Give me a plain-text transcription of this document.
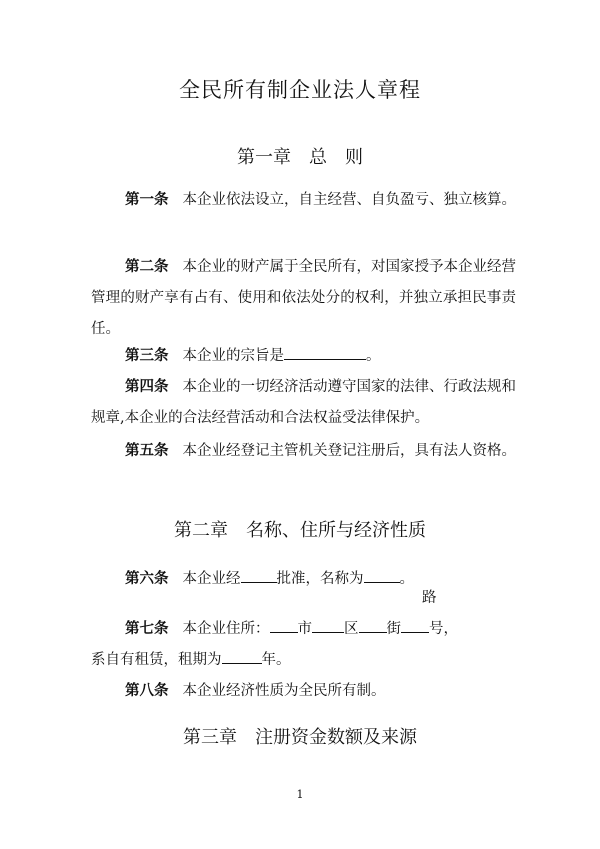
全民所有制企业法人章程
第一章　总　则

第一条 本企业依法设立，自主经营、自负盈亏、独立核算。

第二条 本企业的财产属于全民所有，对国家授予本企业经营管理的财产享有占有、使用和依法处分的权利，并独立承担民事责任。

第三条 本企业的宗旨是	。

第四条 本企业的一切经济活动遵守国家的法律、行政法规和规章,本企业的合法经营活动和合法权益受法律保护。

第五条 本企业经登记主管机关登记注册后，具有法人资格。

第二章　名称、住所与经济性质

第六条 本企业经 批准，名称为 。

路

第七条 本企业住所： 市 区 街 号，
系自有租赁，租期为	年。

第八条 本企业经济性质为全民所有制。

第三章　注册资金数额及来源
1
